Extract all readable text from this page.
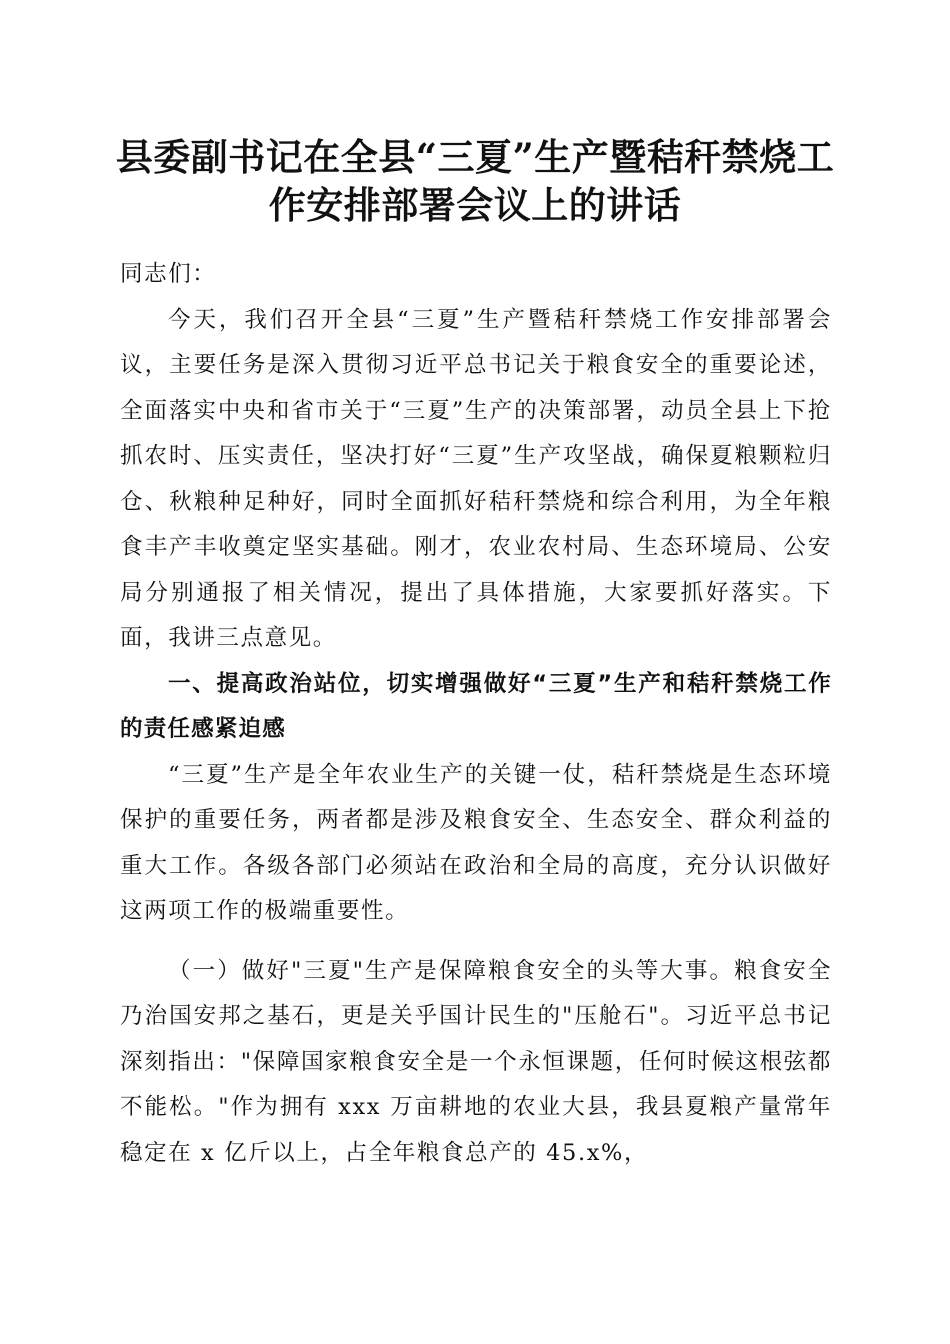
县委副书记在全县“三夏”生产暨秸秆禁烧工
作安排部署会议上的讲话

同志们：

今天，我们召开全县“三夏”生产暨秸秆禁烧工作安排部署会议，主要任务是深入贯彻习近平总书记关于粮食安全的重要论述，全面落实中央和省市关于“三夏”生产的决策部署，动员全县上下抢抓农时、压实责任，坚决打好“三夏”生产攻坚战，确保夏粮颗粒归仓、秋粮种足种好，同时全面抓好秸秆禁烧和综合利用，为全年粮食丰产丰收奠定坚实基础。刚才，农业农村局、生态环境局、公安局分别通报了相关情况，提出了具体措施，大家要抓好落实。下面，我讲三点意见。

一、提高政治站位，切实增强做好“三夏”生产和秸秆禁烧工作的责任感紧迫感

“三夏”生产是全年农业生产的关键一仗，秸秆禁烧是生态环境保护的重要任务，两者都是涉及粮食安全、生态安全、群众利益的重大工作。各级各部门必须站在政治和全局的高度，充分认识做好这两项工作的极端重要性。

（一）做好"三夏"生产是保障粮食安全的头等大事。粮食安全乃治国安邦之基石，更是关乎国计民生的"压舱石"。习近平总书记深刻指出："保障国家粮食安全是一个永恒课题，任何时候这根弦都不能松。"作为拥有 xxx 万亩耕地的农业大县，我县夏粮产量常年稳定在 x 亿斤以上，占全年粮食总产的 45.x%，
